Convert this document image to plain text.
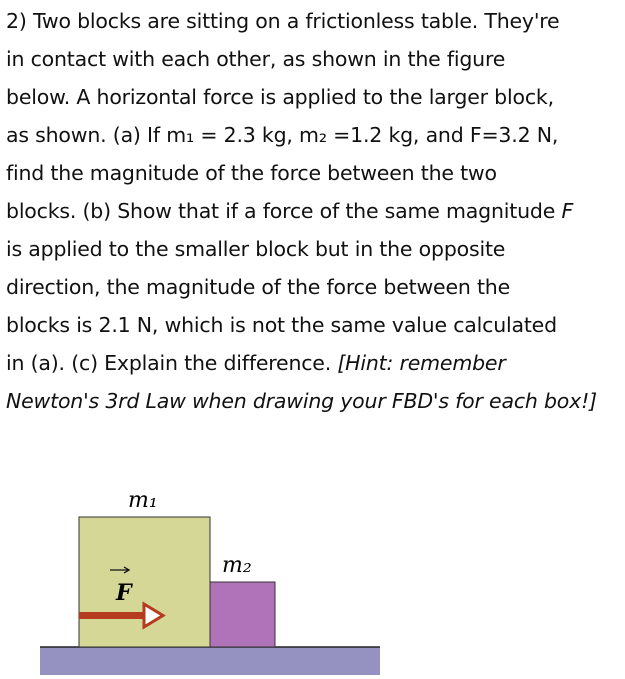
2) Two blocks are sitting on a frictionless table. They're

in contact with each other, as shown in the figure

below. A horizontal force is applied to the larger block,

as shown. (a) If m₁ = 2.3 kg, m₂ =1.2 kg, and F=3.2 N,

find the magnitude of the force between the two

blocks. (b) Show that if a force of the same magnitude F

is applied to the smaller block but in the opposite

direction, the magnitude of the force between the

blocks is 2.1 N, which is not the same value calculated

in (a). (c) Explain the difference. [Hint: remember

Newton's 3rd Law when drawing your FBD's for each box!]

m₁
m₂
F
